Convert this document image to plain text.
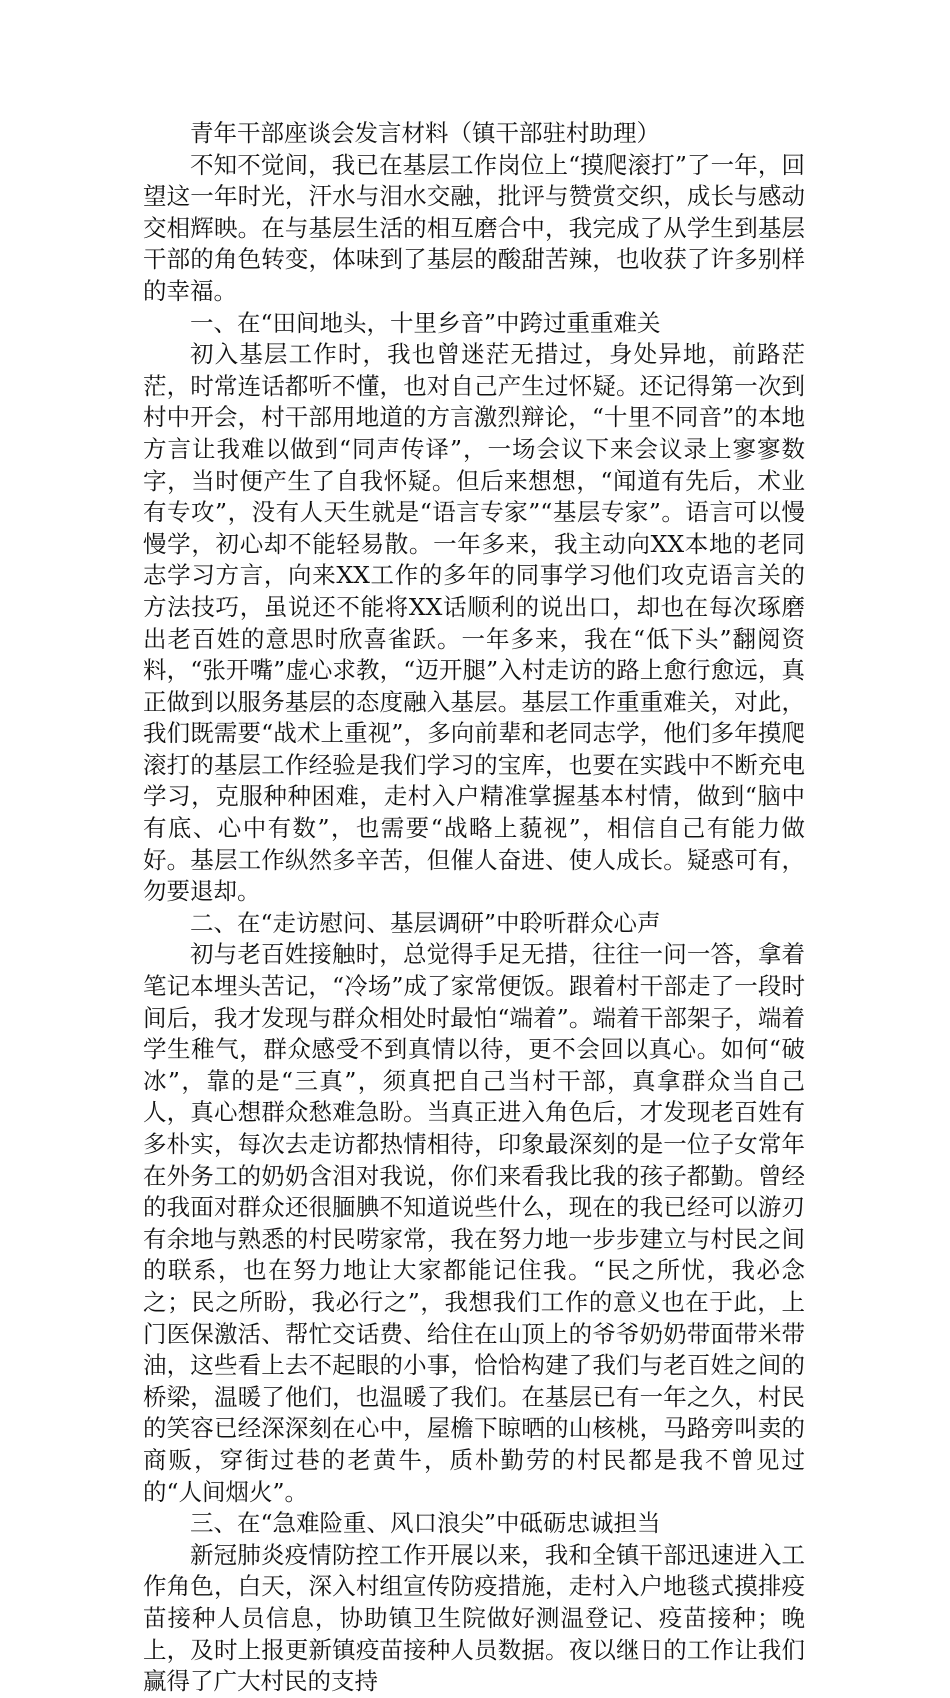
青年干部座谈会发言材料（镇干部驻村助理）

不知不觉间，我已在基层工作岗位上“摸爬滚打”了一年，回望这一年时光，汗水与泪水交融，批评与赞赏交织，成长与感动交相辉映。在与基层生活的相互磨合中，我完成了从学生到基层干部的角色转变，体味到了基层的酸甜苦辣，也收获了许多别样的幸福。

一、在“田间地头，十里乡音”中跨过重重难关

初入基层工作时，我也曾迷茫无措过，身处异地，前路茫茫，时常连话都听不懂，也对自己产生过怀疑。还记得第一次到村中开会，村干部用地道的方言激烈辩论，“十里不同音”的本地方言让我难以做到“同声传译”，一场会议下来会议录上寥寥数字，当时便产生了自我怀疑。但后来想想，“闻道有先后，术业有专攻”，没有人天生就是“语言专家”“基层专家”。语言可以慢慢学，初心却不能轻易散。一年多来，我主动向XX本地的老同志学习方言，向来XX工作的多年的同事学习他们攻克语言关的方法技巧，虽说还不能将XX话顺利的说出口，却也在每次琢磨出老百姓的意思时欣喜雀跃。一年多来，我在“低下头”翻阅资料，“张开嘴”虚心求教，“迈开腿”入村走访的路上愈行愈远，真正做到以服务基层的态度融入基层。基层工作重重难关，对此，我们既需要“战术上重视”，多向前辈和老同志学，他们多年摸爬滚打的基层工作经验是我们学习的宝库，也要在实践中不断充电学习，克服种种困难，走村入户精准掌握基本村情，做到“脑中有底、心中有数”，也需要“战略上藐视”，相信自己有能力做好。基层工作纵然多辛苦，但催人奋进、使人成长。疑惑可有，勿要退却。

二、在“走访慰问、基层调研”中聆听群众心声

初与老百姓接触时，总觉得手足无措，往往一问一答，拿着笔记本埋头苦记，“冷场”成了家常便饭。跟着村干部走了一段时间后，我才发现与群众相处时最怕“端着”。端着干部架子，端着学生稚气，群众感受不到真情以待，更不会回以真心。如何“破冰”，靠的是“三真”，须真把自己当村干部，真拿群众当自己人，真心想群众愁难急盼。当真正进入角色后，才发现老百姓有多朴实，每次去走访都热情相待，印象最深刻的是一位子女常年在外务工的奶奶含泪对我说，你们来看我比我的孩子都勤。曾经的我面对群众还很腼腆不知道说些什么，现在的我已经可以游刃有余地与熟悉的村民唠家常，我在努力地一步步建立与村民之间的联系，也在努力地让大家都能记住我。“民之所忧，我必念之；民之所盼，我必行之”，我想我们工作的意义也在于此，上门医保激活、帮忙交话费、给住在山顶上的爷爷奶奶带面带米带油，这些看上去不起眼的小事，恰恰构建了我们与老百姓之间的桥梁，温暖了他们，也温暖了我们。在基层已有一年之久，村民的笑容已经深深刻在心中，屋檐下晾晒的山核桃，马路旁叫卖的商贩，穿街过巷的老黄牛，质朴勤劳的村民都是我不曾见过的“人间烟火”。

三、在“急难险重、风口浪尖”中砥砺忠诚担当

新冠肺炎疫情防控工作开展以来，我和全镇干部迅速进入工作角色，白天，深入村组宣传防疫措施，走村入户地毯式摸排疫苗接种人员信息，协助镇卫生院做好测温登记、疫苗接种；晚上，及时上报更新镇疫苗接种人员数据。夜以继日的工作让我们赢得了广大村民的支持
